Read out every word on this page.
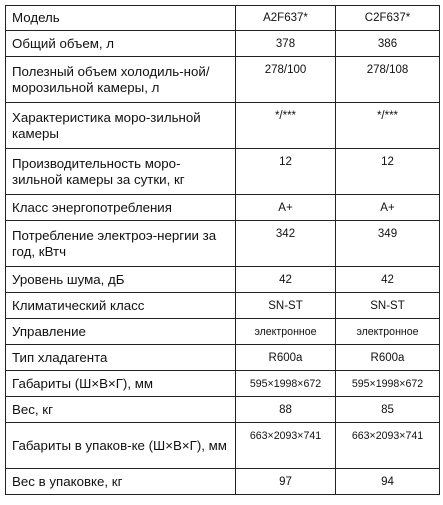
Модель	A2F637*	C2F637*
Общий объем, л	378	386
Полезный объем холодиль-ной/морозильной камеры, л	278/100	278/108
Характеристика моро-зильной камеры	*/***	*/***
Производительность моро-зильной камеры за сутки, кг	12	12
Класс энергопотребления	A+	A+
Потребление электроэ-нергии за год, кВтч	342	349
Уровень шума, дБ	42	42
Климатический класс	SN-ST	SN-ST
Управление	электронное	электронное
Тип хладагента	R600a	R600a
Габариты (Ш×В×Г), мм	595×1998×672	595×1998×672
Вес, кг	88	85
Габариты в упаков-ке (Ш×В×Г), мм	663×2093×741	663×2093×741
Вес в упаковке, кг	97	94
